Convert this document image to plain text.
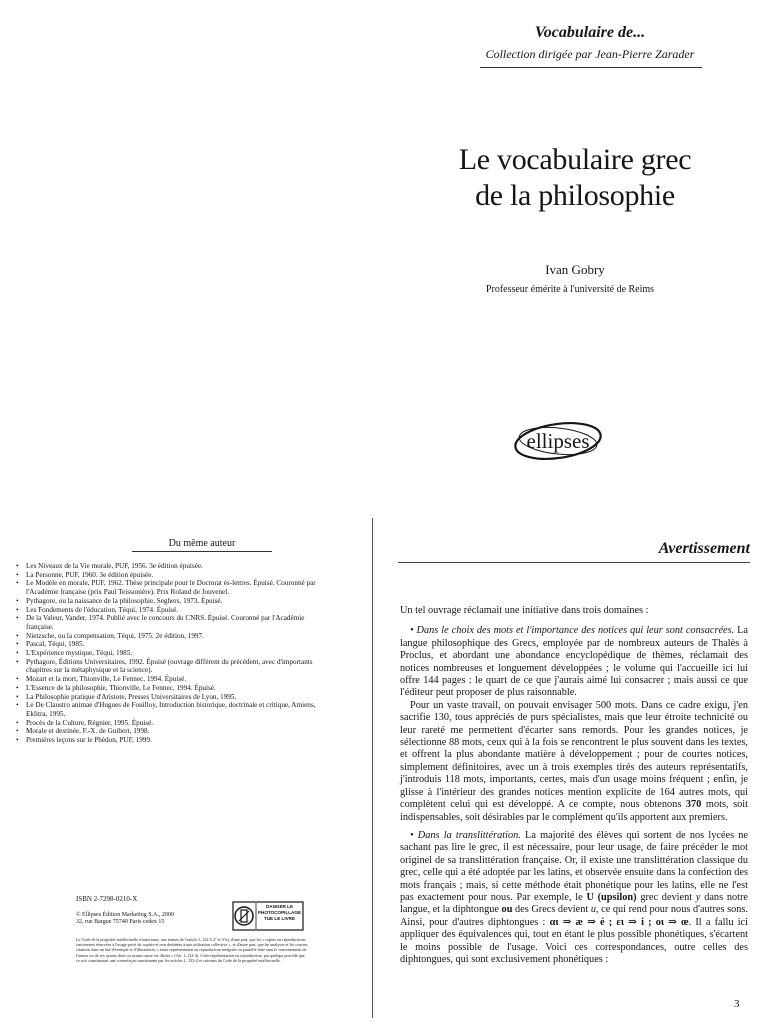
Vocabulaire de...
Collection dirigée par Jean-Pierre Zarader
Le vocabulaire grec
de la philosophie
Ivan Gobry
Professeur émérite à l'université de Reims
ellipses
Du même auteur
• Les Niveaux de la Vie morale, PUF, 1956. 3e édition épuisée.
• La Personne, PUF, 1960. 3e édition épuisée.
• Le Modèle en morale, PUF, 1962. Thèse principale pour le Doctorat ès-lettres. Épuisé. Couronné par l'Académie française (prix Paul Teissonière). Prix Roland de Jouvenel.
• Pythagore, ou la naissance de la philosophie, Seghers, 1973. Épuisé.
• Les Fondements de l'éducation, Téqui, 1974. Épuisé.
• De la Valeur, Vander, 1974. Publié avec le concours du CNRS. Épuisé. Couronné par l'Académie française.
• Nietzsche, ou la compensation, Téqui, 1975. 2e édition, 1997.
• Pascal, Téqui, 1985.
• L'Expérience mystique, Téqui, 1985.
• Pythagore, Éditions Universitaires, 1992. Épuisé (ouvrage différent du précédent, avec d'importants chapitres sur la métaphysique et la science).
• Mozart et la mort, Thionville, Le Fennec, 1994. Épuisé.
• L'Essence de la philosophie, Thionville, Le Fennec, 1994. Épuisé.
• La Philosophie pratique d'Aristote, Presses Universitaires de Lyon, 1995.
• Le De Claustro animae d'Hugues de Fouilloy, Introduction historique, doctrinale et critique, Amiens, Eklitra, 1995.
• Procès de la Culture, Régnier, 1995. Épuisé.
• Morale et destinée, F.-X. de Guibert, 1998.
• Premières leçons sur le Phèdon, PUF, 1999.
ISBN 2-7298-0210-X
© Ellipses Édition Marketing S.A., 2000
32, rue Bargue 75740 Paris cedex 15
DANGER LE PHOTOCOPILLAGE TUE LE LIVRE
Le Code de la propriété intellectuelle n'autorisant, aux termes de l'article L.122-5.2° et 3°a), d'une part, que les « copies ou reproductions strictement réservées à l'usage privé du copiste et non destinées à une utilisation collective », et d'autre part, que les analyses et les courtes citations dans un but d'exemple et d'illustration, « toute représentation ou reproduction intégrale ou partielle faite sans le consentement de l'auteur ou de ses ayants droit ou ayants cause est illicite » (Art. L.122-4). Cette représentation ou reproduction, par quelque procédé que ce soit constituerait une contrefaçon sanctionnée par les articles L. 335-2 et suivants du Code de la propriété intellectuelle.
Avertissement

Un tel ouvrage réclamait une initiative dans trois domaines :

• Dans le choix des mots et l'importance des notices qui leur sont consacrées. La langue philosophique des Grecs, employée par de nombreux auteurs de Thalès à Proclus, et abordant une abondance encyclopédique de thèmes, réclamait des notices nombreuses et longuement développées ; le volume qui l'accueille ici lui offre 144 pages : le quart de ce que j'aurais aimé lui consacrer ; mais aussi ce que l'éditeur peut proposer de plus raisonnable.

Pour un vaste travail, on pouvait envisager 500 mots. Dans ce cadre exigu, j'en sacrifie 130, tous appréciés de purs spécialistes, mais que leur étroite technicité ou leur rareté me permettent d'écarter sans remords. Pour les grandes notices, je sélectionne 88 mots, ceux qui à la fois se rencontrent le plus souvent dans les textes, et offrent la plus abondante matière à développement ; pour de courtes notices, simplement définitoires, avec un à trois exemples tirés des auteurs représentatifs, j'introduis 118 mots, importants, certes, mais d'un usage moins fréquent ; enfin, je glisse à l'intérieur des grandes notices mention explicite de 164 autres mots, qui complètent celui qui est développé. A ce compte, nous obtenons 370 mots, soit indispensables, soit désirables par le complément qu'ils apportent aux premiers.

• Dans la translittération. La majorité des élèves qui sortent de nos lycées ne sachant pas lire le grec, il est nécessaire, pour leur usage, de faire précéder le mot originel de sa translittération française. Or, il existe une translittération classique du grec, celle qui a été adoptée par les latins, et observée ensuite dans la confection des mots français ; mais, si cette méthode était phonétique pour les latins, elle ne l'est pas exactement pour nous. Par exemple, le U (upsilon) grec devient y dans notre langue, et la diphtongue ou des Grecs devient u, ce qui rend pour nous d'autres sons. Ainsi, pour d'autres diphtongues : αι ⇒ æ ⇒ é ; ει ⇒ i ; οι ⇒ œ. Il a fallu ici appliquer des équivalences qui, tout en étant le plus possible phonétiques, s'écartent le moins possible de l'usage. Voici ces correspondances, outre celles des diphtongues, qui sont exclusivement phonétiques :

3
